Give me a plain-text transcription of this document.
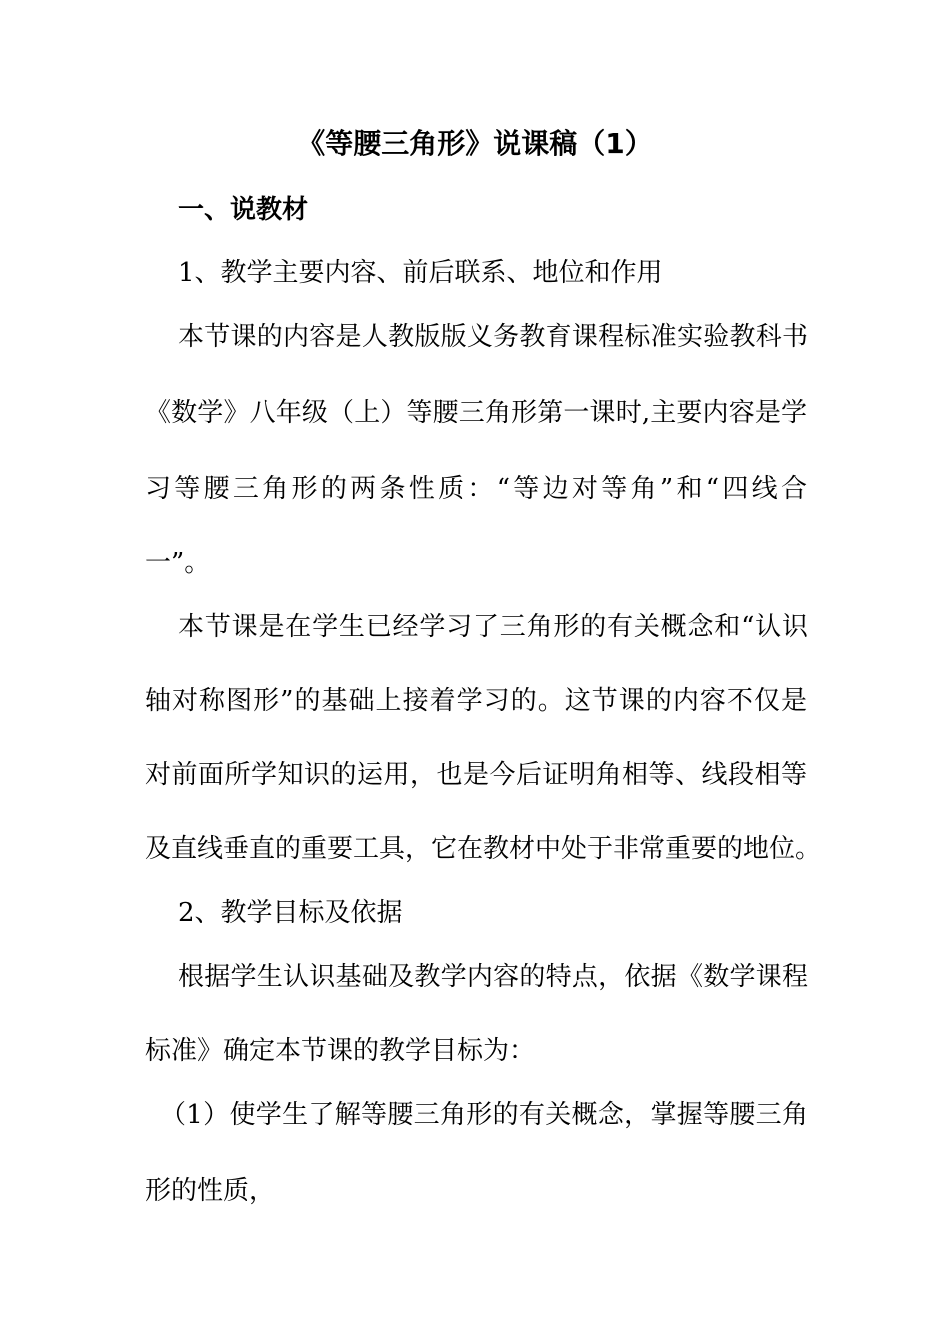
《等腰三角形》说课稿（1）
一、说教材
1、教学主要内容、前后联系、地位和作用
本节课的内容是人教版版义务教育课程标准实验教科书
《数学》八年级（上）等腰三角形第一课时,主要内容是学
习等腰三角形的两条性质：“等边对等角”和“四线合
一”。
本节课是在学生已经学习了三角形的有关概念和“认识
轴对称图形”的基础上接着学习的。这节课的内容不仅是
对前面所学知识的运用，也是今后证明角相等、线段相等
及直线垂直的重要工具，它在教材中处于非常重要的地位。
2、教学目标及依据
根据学生认识基础及教学内容的特点，依据《数学课程
标准》确定本节课的教学目标为：
（1）使学生了解等腰三角形的有关概念，掌握等腰三角
形的性质，
